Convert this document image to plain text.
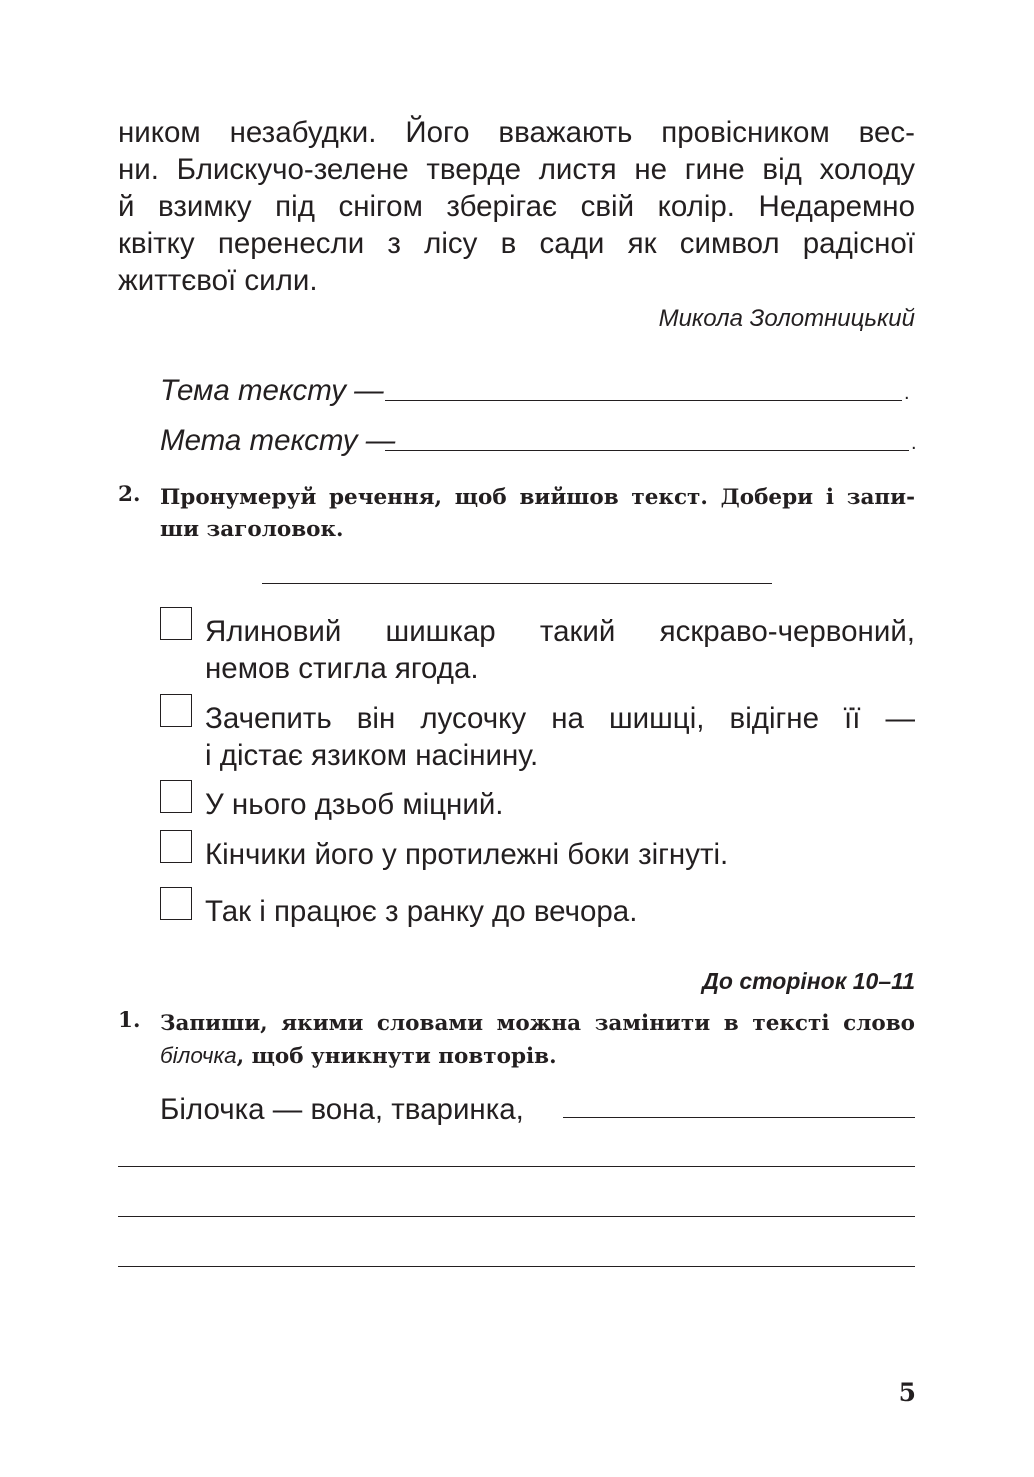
ником незабудки. Його вважають провісником вес-
ни. Блискучо-зелене тверде листя не гине від холоду
й взимку під снігом зберігає свій колір. Недаремно
квітку перенесли з лісу в сади як символ радісної
життєвої сили.
Микола Золотницький
Тема тексту —	.
Мета тексту —	.
2. Пронумеруй речення, щоб вийшов текст. Добери і запи-
ши заголовок.
Ялиновий шишкар такий яскраво-червоний,
немов стигла ягода.
Зачепить він лусочку на шишці, відігне її —
і дістає язиком насінину.
У нього дзьоб міцний.
Кінчики його у протилежні боки зігнуті.
Так і працює з ранку до вечора.
До сторінок 10–11
1. Запиши, якими словами можна замінити в тексті слово
білочка, щоб уникнути повторів.
Білочка — вона, тваринка,
5
